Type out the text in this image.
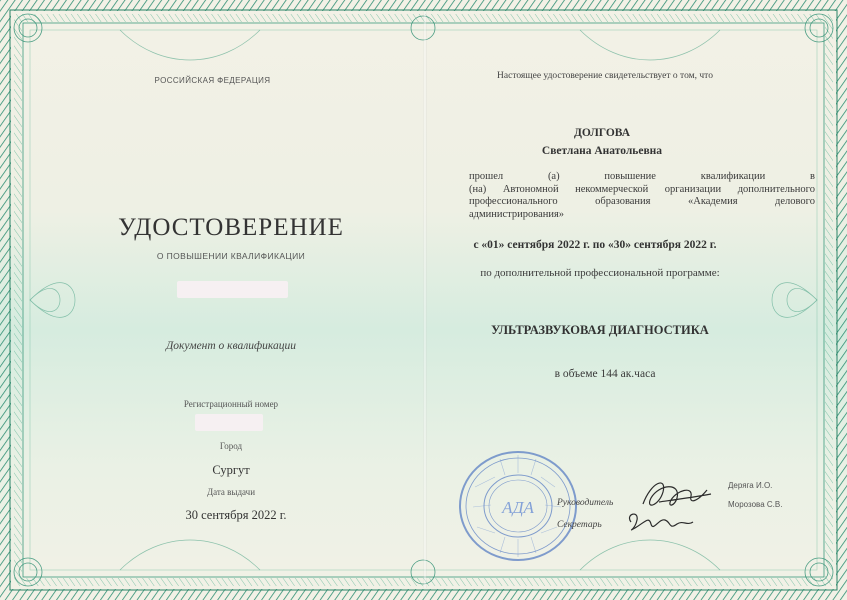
РОССИЙСКАЯ ФЕДЕРАЦИЯ
УДОСТОВЕРЕНИЕ
О ПОВЫШЕНИИ КВАЛИФИКАЦИИ
Документ о квалификации
Регистрационный номер
Город
Сургут
Дата выдачи
30 сентября 2022 г.
Настоящее удостоверение свидетельствует о том, что
ДОЛГОВА
Светлана Анатольевна
прошел	(а)	повышение	квалификации	в
(на) Автономной некоммерческой организации дополнительного
профессионального	образования	«Академия	делового
администрирования»
с «01» сентября 2022 г. по «30» сентября 2022 г.
по дополнительной профессиональной программе:
УЛЬТРАЗВУКОВАЯ ДИАГНОСТИКА
в объеме 144 ак.часа
АДА Руководитель
Секретарь
Деряга И.О.
Морозова С.В.
